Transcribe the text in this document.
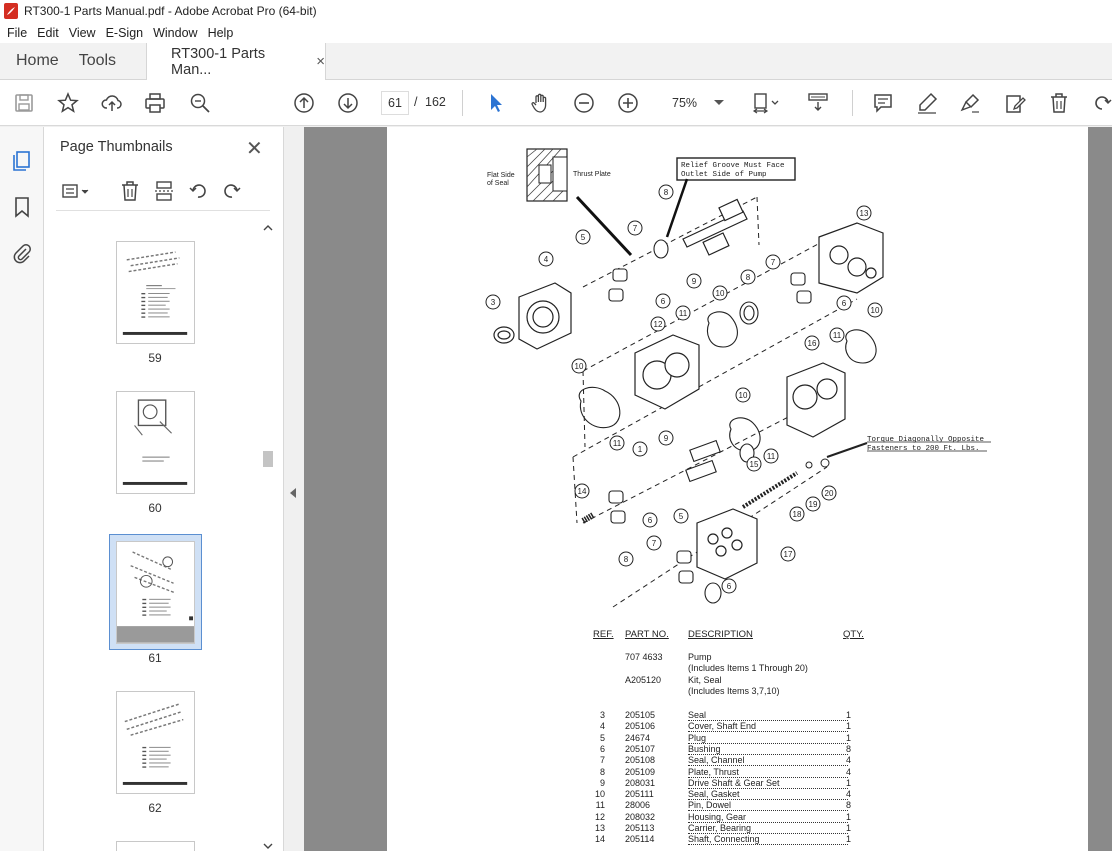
RT300-1 Parts Manual.pdf - Adobe Acrobat Pro (64-bit)
File Edit View E-Sign Window Help
Home	Tools	RT300-1 Parts Man...	×
61 / 162	75%
Page Thumbnails	✕
59
60
61
62
Flat Side of Seal
Thrust Plate
Relief Groove Must Face Outlet Side of Pump
Torque Diagonally Opposite Fasteners to 200 Ft. Lbs.
3
4
5
7
8
9
6
10
12
11
13
6
8
7
10
11
16
10
11
10
1
9
15
11
14
6	5	18
19
20
17
8
7
6
REF. PART NO. DESCRIPTION	QTY.
707 4633	Pump
(Includes Items 1 Through 20)
A205120	Kit, Seal
(Includes Items 3,7,10)
3 205105	Seal	1
4 205106	Cover, Shaft End	1
5 24674	Plug	1
6 205107	Bushing	8
7 205108	Seal, Channel	4
8 205109	Plate, Thrust	4
9 208031	Drive Shaft & Gear Set	1
10 205111	Seal, Gasket	4
11 28006	Pin, Dowel	8
12 208032	Housing, Gear	1
13 205113	Carrier, Bearing	1
14 205114	Shaft, Connecting	1
